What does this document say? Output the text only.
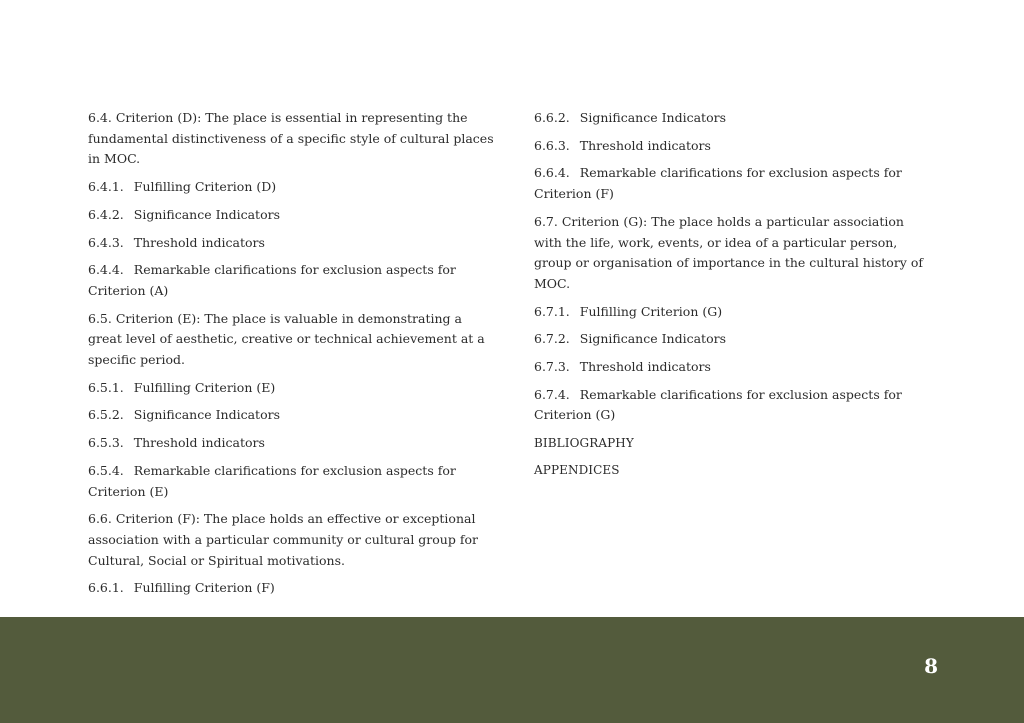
6.4. Criterion (D): The place is essential in representing the fundamental distinctiveness of a specific style of cultural places in MOC.

6.4.1. Fulfilling Criterion (D)

6.4.2. Significance Indicators

6.4.3. Threshold indicators

6.4.4. Remarkable clarifications for exclusion aspects for Criterion (A)

6.5. Criterion (E): The place is valuable in demonstrating a great level of aesthetic, creative or technical achievement at a specific period.

6.5.1. Fulfilling Criterion (E)

6.5.2. Significance Indicators

6.5.3. Threshold indicators

6.5.4. Remarkable clarifications for exclusion aspects for Criterion (E)

6.6. Criterion (F): The place holds an effective or exceptional association with a particular community or cultural group for Cultural, Social or Spiritual motivations.

6.6.1. Fulfilling Criterion (F)

6.6.2. Significance Indicators

6.6.3. Threshold indicators

6.6.4. Remarkable clarifications for exclusion aspects for Criterion (F)

6.7. Criterion (G): The place holds a particular association with the life, work, events, or idea of a particular person, group or organisation of importance in the cultural history of MOC.

6.7.1. Fulfilling Criterion (G)

6.7.2. Significance Indicators

6.7.3. Threshold indicators

6.7.4. Remarkable clarifications for exclusion aspects for Criterion (G)

BIBLIOGRAPHY

APPENDICES

8
